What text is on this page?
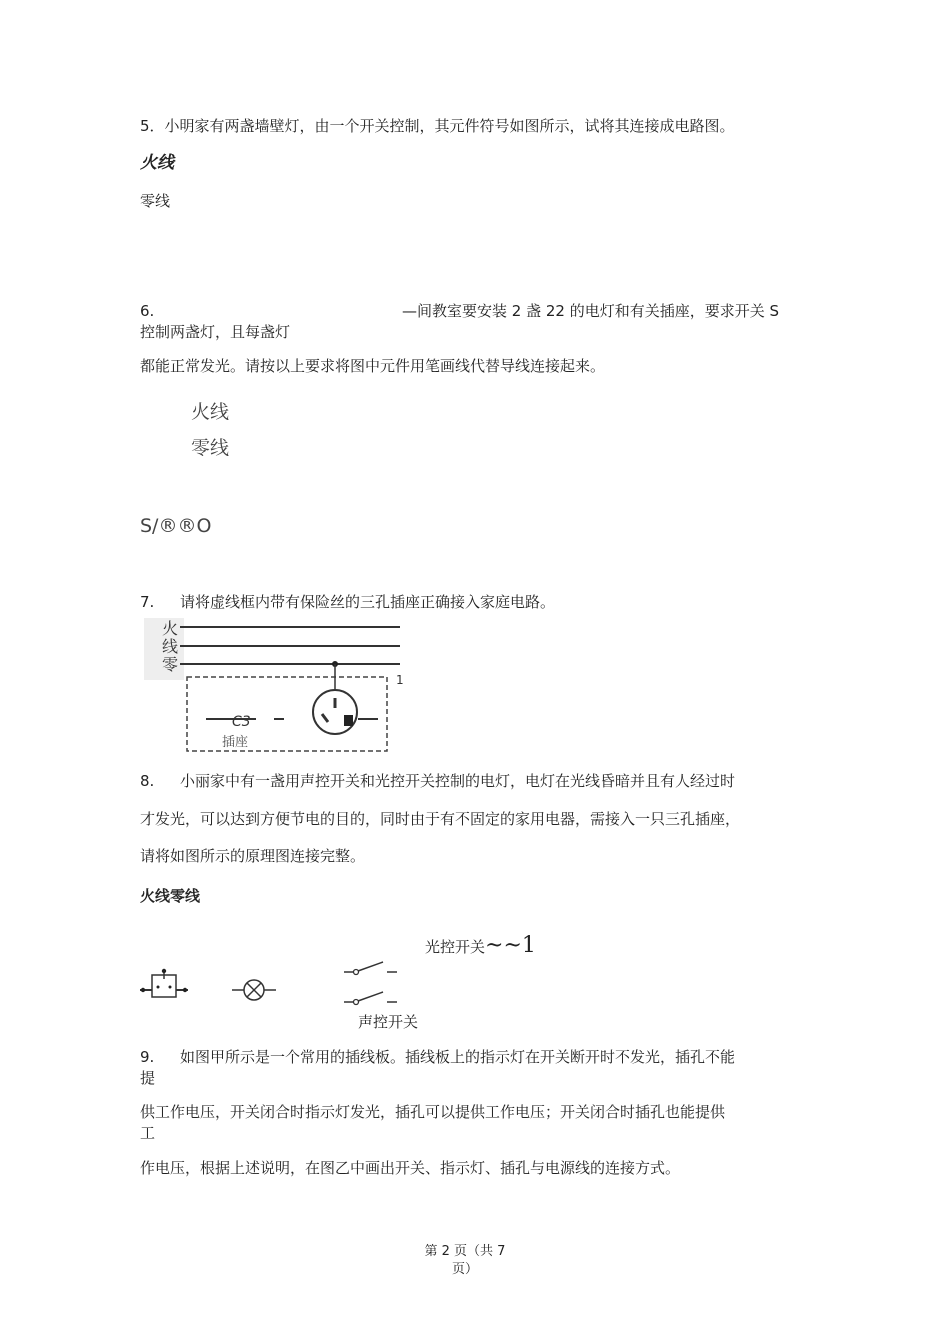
5．小明家有两盏墙壁灯，由一个开关控制，其元件符号如图所示，试将其连接成电路图。
火线
零线
6.	—间教室要安装 2 盏 22 的电灯和有关插座，要求开关 S
控制两盏灯，且每盏灯
都能正常发光。请按以上要求将图中元件用笔画线代替导线连接起来。
火线
零线
S/®®O
7. 请将虚线框内带有保险丝的三孔插座正确接入家庭电路。
火
线
零
1
C3
插座
8. 小丽家中有一盏用声控开关和光控开关控制的电灯，电灯在光线昏暗并且有人经过时
才发光，可以达到方便节电的目的，同时由于有不固定的家用电器，需接入一只三孔插座，
请将如图所示的原理图连接完整。
火线零线
光控开关~~1
声控开关
9. 如图甲所示是一个常用的插线板。插线板上的指示灯在开关断开时不发光，插孔不能
提
供工作电压，开关闭合时指示灯发光，插孔可以提供工作电压；开关闭合时插孔也能提供
工
作电压，根据上述说明，在图乙中画出开关、指示灯、插孔与电源线的连接方式。
第 2 页（共 7
页）
